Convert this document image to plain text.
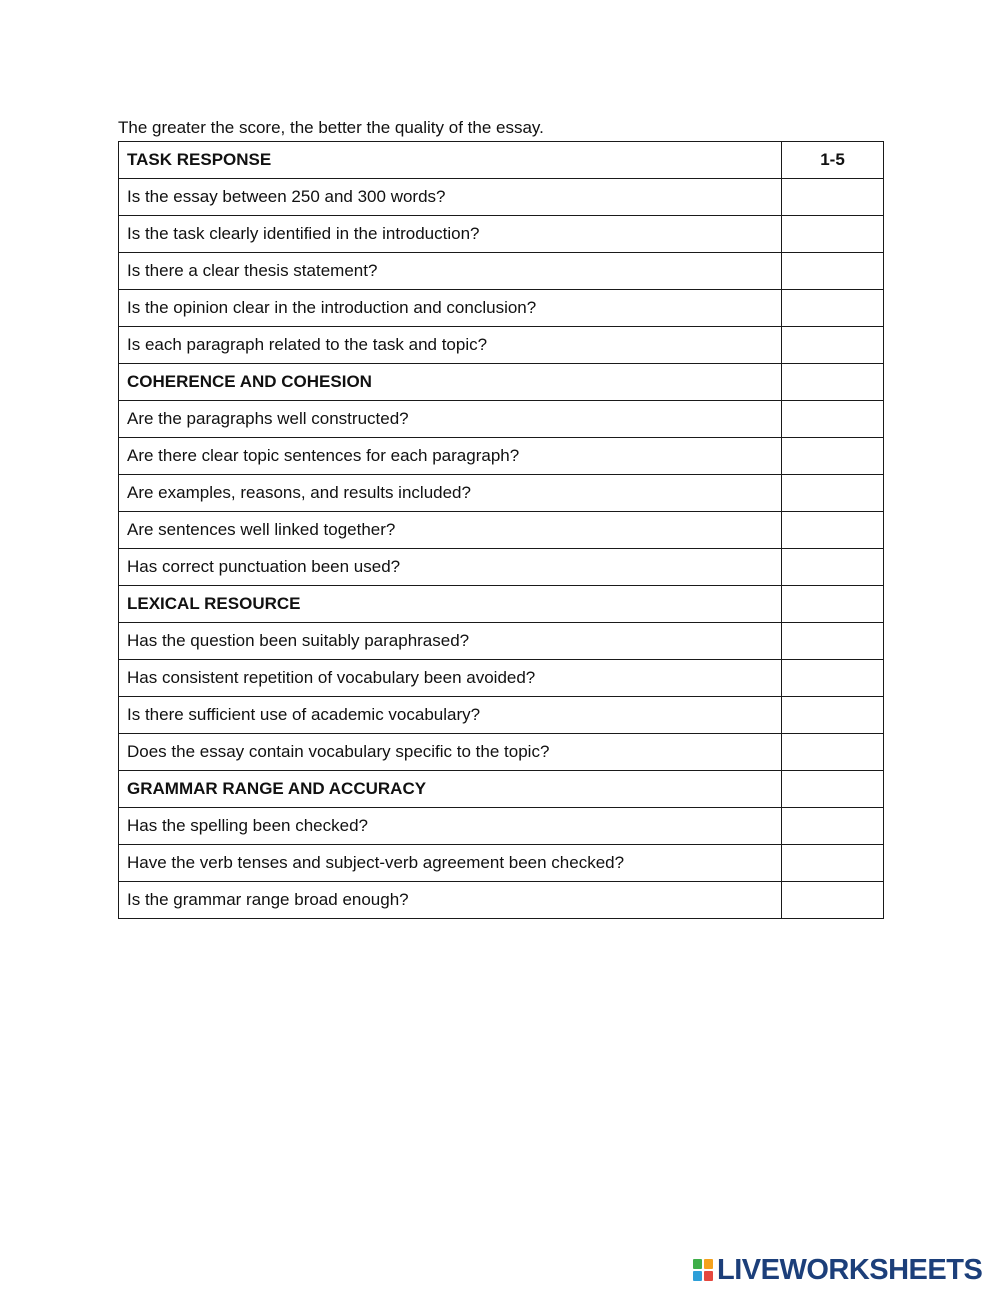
The greater the score, the better the quality of the essay.

TASK RESPONSE	1-5
Is the essay between 250 and 300 words?	
Is the task clearly identified in the introduction?	
Is there a clear thesis statement?	
Is the opinion clear in the introduction and conclusion?	
Is each paragraph related to the task and topic?	
COHERENCE AND COHESION	
Are the paragraphs well constructed?	
Are there clear topic sentences for each paragraph?	
Are examples, reasons, and results included?	
Are sentences well linked together?	
Has correct punctuation been used?	
LEXICAL RESOURCE	
Has the question been suitably paraphrased?	
Has consistent repetition of vocabulary been avoided?	
Is there sufficient use of academic vocabulary?	
Does the essay contain vocabulary specific to the topic?	
GRAMMAR RANGE AND ACCURACY	
Has the spelling been checked?	
Have the verb tenses and subject-verb agreement been checked?	
Is the grammar range broad enough?	
LIVEWORKSHEETS
